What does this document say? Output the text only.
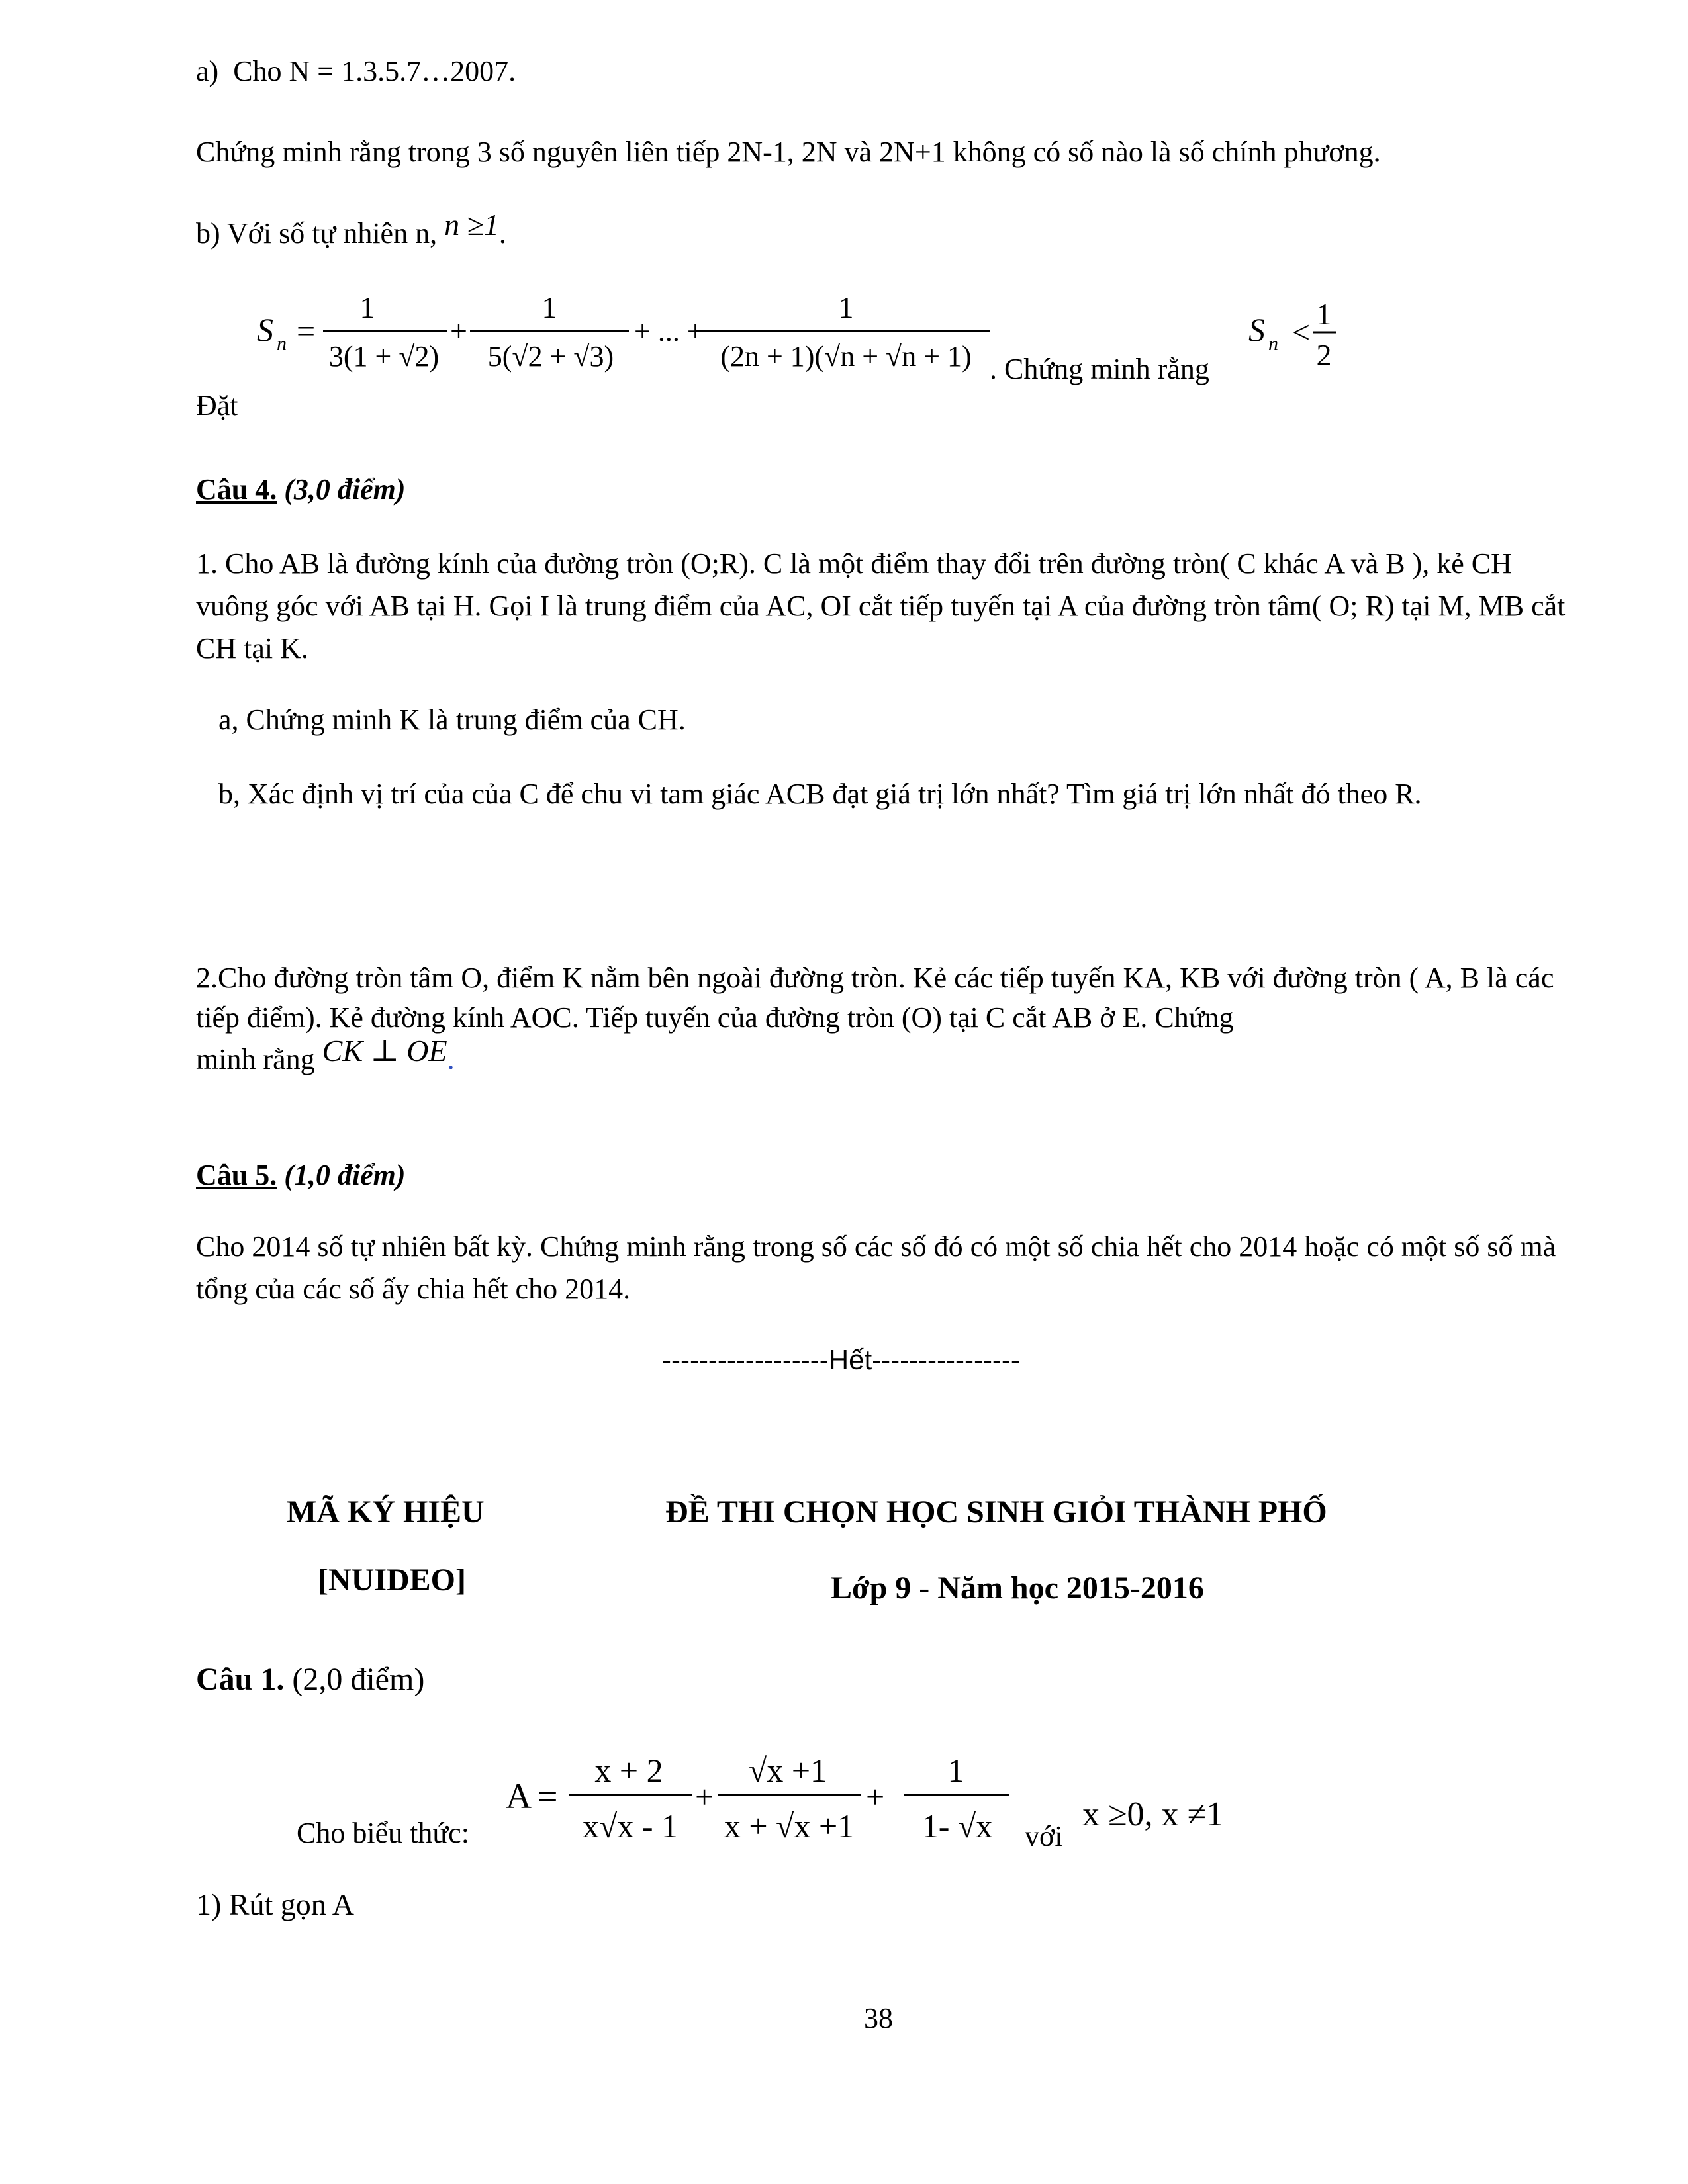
a) Cho N = 1.3.5.7…2007.
Chứng minh rằng trong 3 số nguyên liên tiếp 2N-1, 2N và 2N+1 không có số nào là số chính phương.
b) Với số tự nhiên n, n ≥1.
S n =
1
3(1 + √2)
+
1
5(√2 + √3)
+ ... +
1
(2n + 1)(√n + √n + 1) . Chứng minh rằng
S n <
1
2
Đặt
Câu 4. (3,0 điểm)
1. Cho AB là đường kính của đường tròn (O;R). C là một điểm thay đổi trên đường tròn( C khác A và B ), kẻ CH vuông góc với AB tại H. Gọi I là trung điểm của AC, OI cắt tiếp tuyến tại A của đường tròn tâm( O; R) tại M, MB cắt CH tại K.
a, Chứng minh K là trung điểm của CH.
b, Xác định vị trí của của C để chu vi tam giác ACB đạt giá trị lớn nhất? Tìm giá trị lớn nhất đó theo R.
2.Cho đường tròn tâm O, điểm K nằm bên ngoài đường tròn. Kẻ các tiếp tuyến KA, KB với đường tròn ( A, B là các tiếp điểm). Kẻ đường kính AOC. Tiếp tuyến của đường tròn (O) tại C cắt AB ở E. Chứng
minh rằng CK ⊥ OE.
Câu 5. (1,0 điểm)
Cho 2014 số tự nhiên bất kỳ. Chứng minh rằng trong số các số đó có một số chia hết cho 2014 hoặc có một số số mà tổng của các số ấy chia hết cho 2014.
------------------Hết----------------
MÃ KÝ HIỆU
[NUIDEO]
ĐỀ THI CHỌN HỌC SINH GIỎI THÀNH PHỐ
Lớp 9 - Năm học 2015-2016
Câu 1. (2,0 điểm)
Cho biểu thức:
A =
x + 2
x√x - 1
+
√x +1
x + √x +1
+
1
1- √x với
x ≥0, x ≠1
1) Rút gọn A
38
